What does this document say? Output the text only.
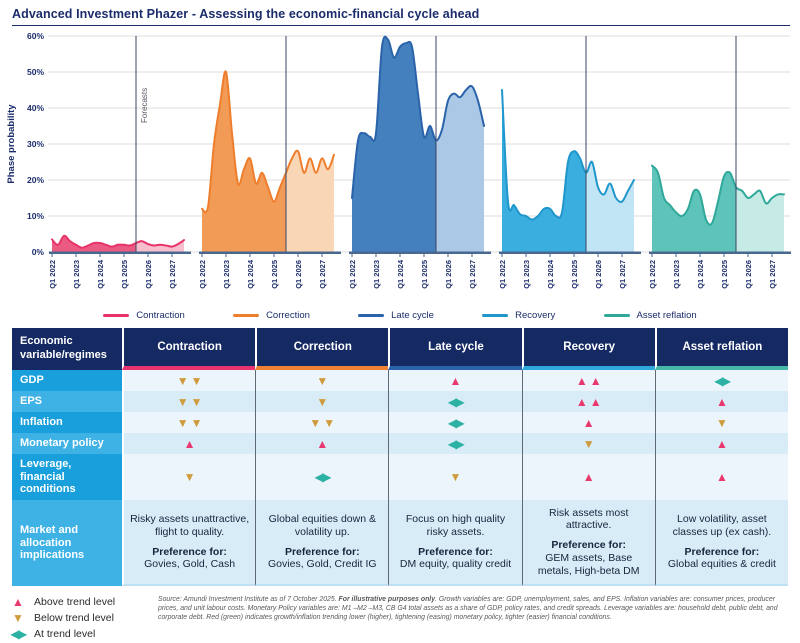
Advanced Investment Phazer - Assessing the economic-financial cycle ahead
0%
10%
20%
30%
40%
50%
60%
Phase probability	Forecasts
Q1 2022 Q1 2023 Q1 2024 Q1 2025 Q1 2026 Q1 2027	Q1 2022 Q1 2023 Q1 2024 Q1 2025 Q1 2026 Q1 2027	Q1 2022 Q1 2023 Q1 2024 Q1 2025 Q1 2026 Q1 2027	Q1 2022 Q1 2023 Q1 2024 Q1 2025 Q1 2026 Q1 2027	Q1 2022 Q1 2023 Q1 2024 Q1 2025 Q1 2026 Q1 2027
Contraction	Correction	Late cycle	Recovery	Asset reflation
Economic variable/regimes
Contraction	Correction	Late cycle	Recovery	Asset reflation
GDP	▼▼	▼	▲	▲▲	◀▶
EPS	▼▼	▼	◀▶	▲▲	▲
Inflation	▼▼	▼▼	◀▶	▲	▼
Monetary policy	▲	▲	◀▶	▼	▲
Leverage, financial conditions
▼	◀▶	▼	▲	▲
Market and allocation implications
Risky assets unattractive, flight to quality.
Preference for:
Govies, Gold, Cash
Global equities down & volatility up.
Preference for:
Govies, Gold, Credit IG
Focus on high quality risky assets.
Preference for:
DM equity, quality credit
Risk assets most attractive.
Preference for:
GEM assets, Base metals, High-beta DM
Low volatility, asset classes up (ex cash).
Preference for:
Global equities & credit
▲ Above trend level
▼ Below trend level
◀▶ At trend level
Source: Amundi Investment Institute as of 7 October 2025. For illustrative purposes only. Growth variables are: GDP, unemployment, sales, and EPS. Inflation variables are: consumer prices, producer prices, and unit labour costs. Monetary Policy variables are: M1 –M2 –M3, CB G4 total assets as a share of GDP, policy rates, and credit spreads. Leverage variables are: household debt, public debt, and corporate debt. Red (green) indicates growth/inflation trending lower (higher), tightening (easing) monetary policy, tighter (easier) financial conditions.
